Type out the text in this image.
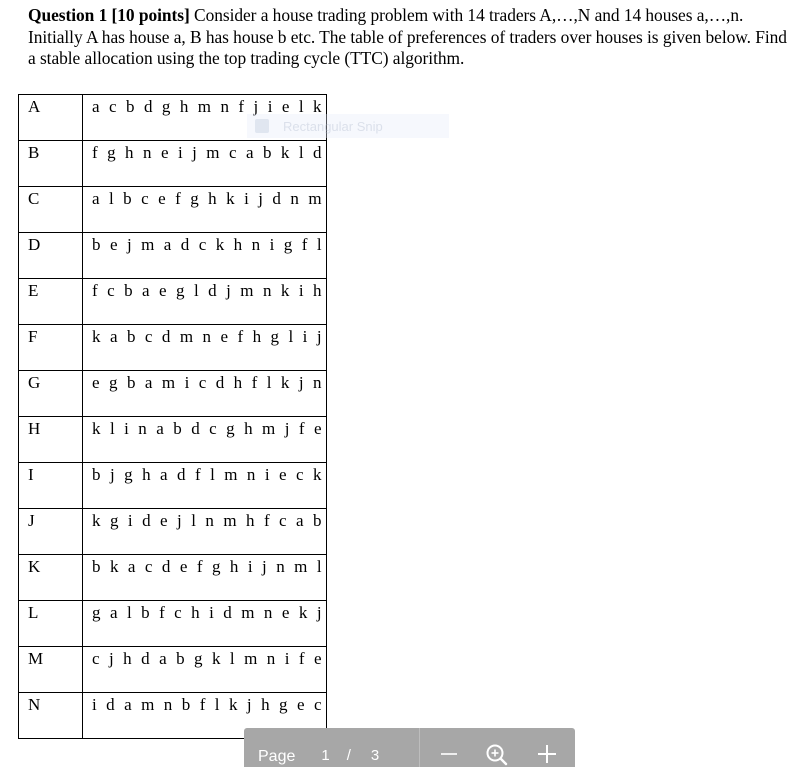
Question 1 [10 points] Consider a house trading problem with 14 traders A,…,N and 14 houses a,…,n. Initially A has house a, B has house b etc. The table of preferences of traders over houses is given below. Find a stable allocation using the top trading cycle (TTC) algorithm.
A	a c b d g h m n f j i e l k
B	f g h n e i j m c a b k l d
C	a l b c e f g h k i j d n m
D	b e j m a d c k h n i g f l
E	f c b a e g l d j m n k i h
F	k a b c d m n e f h g l i j
G	e g b a m i c d h f l k j n
H	k l i n a b d c g h m j f e
I	b j g h a d f l m n i e c k
J	k g i d e j l n m h f c a b
K	b k a c d e f g h i j n m l
L	g a l b f c h i d m n e k j
M	c j h d a b g k l m n i f e
N	i d a m n b f l k j h g e c
Rectangular Snip
Page 1 / 3
